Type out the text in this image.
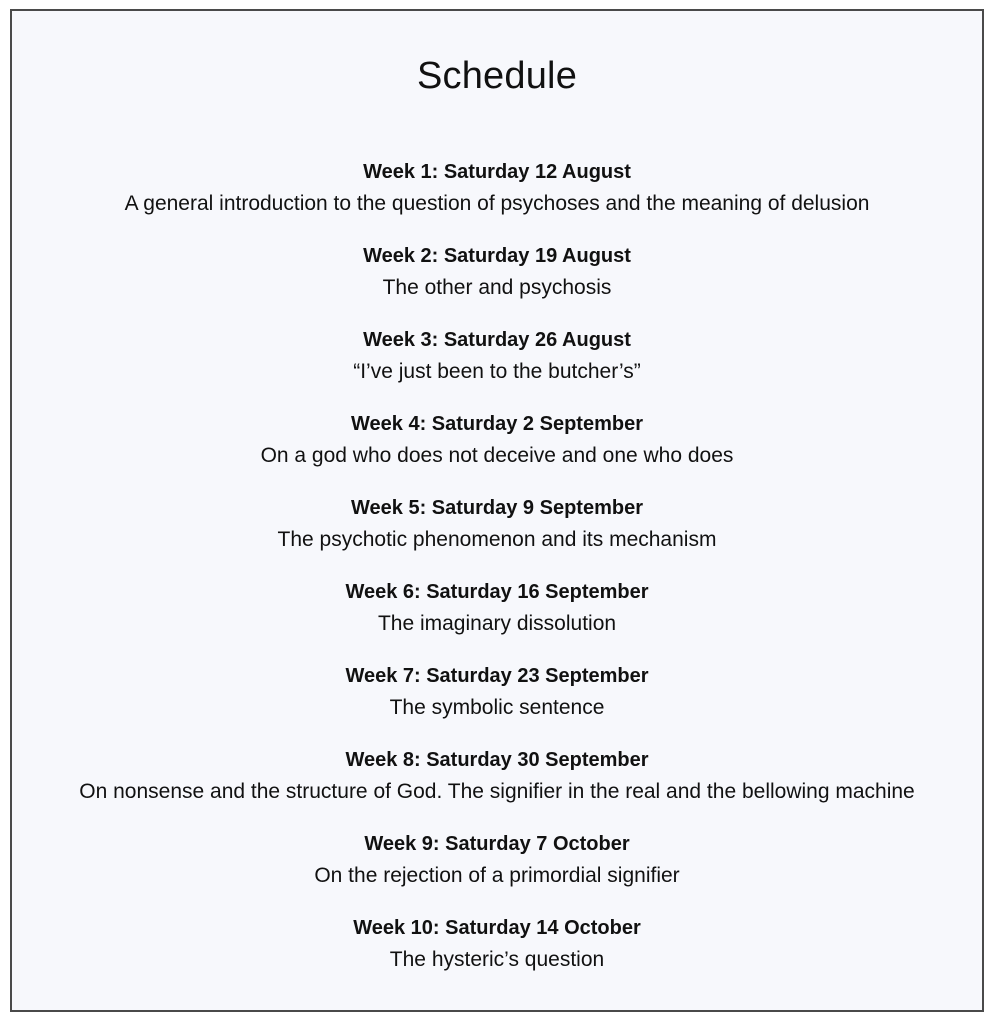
Schedule
Week 1: Saturday 12 August
A general introduction to the question of psychoses and the meaning of delusion
Week 2: Saturday 19 August
The other and psychosis
Week 3: Saturday 26 August
“I’ve just been to the butcher’s”
Week 4: Saturday 2 September
On a god who does not deceive and one who does
Week 5: Saturday 9 September
The psychotic phenomenon and its mechanism
Week 6: Saturday 16 September
The imaginary dissolution
Week 7: Saturday 23 September
The symbolic sentence
Week 8: Saturday 30 September
On nonsense and the structure of God. The signifier in the real and the bellowing machine
Week 9: Saturday 7 October
On the rejection of a primordial signifier
Week 10: Saturday 14 October
The hysteric’s question
